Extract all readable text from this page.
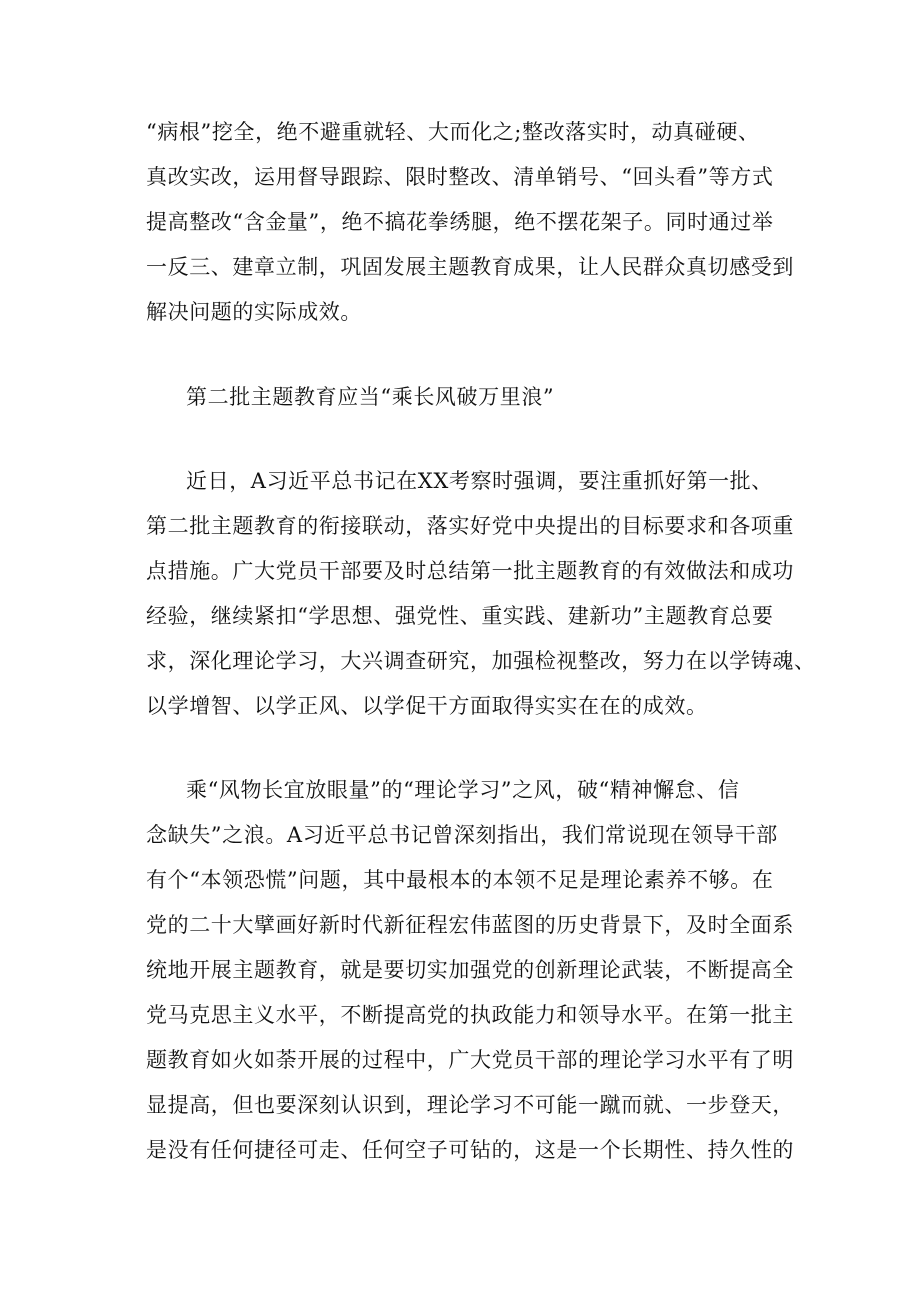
“病根”挖全，绝不避重就轻、大而化之;整改落实时，动真碰硬、
真改实改，运用督导跟踪、限时整改、清单销号、“回头看”等方式
提高整改“含金量”，绝不搞花拳绣腿，绝不摆花架子。同时通过举
一反三、建章立制，巩固发展主题教育成果，让人民群众真切感受到
解决问题的实际成效。
第二批主题教育应当“乘长风破万里浪”
近日，A习近平总书记在XX考察时强调，要注重抓好第一批、
第二批主题教育的衔接联动，落实好党中央提出的目标要求和各项重
点措施。广大党员干部要及时总结第一批主题教育的有效做法和成功
经验，继续紧扣“学思想、强党性、重实践、建新功”主题教育总要
求，深化理论学习，大兴调查研究，加强检视整改，努力在以学铸魂、
以学增智、以学正风、以学促干方面取得实实在在的成效。
乘“风物长宜放眼量”的“理论学习”之风，破“精神懈怠、信
念缺失”之浪。A习近平总书记曾深刻指出，我们常说现在领导干部
有个“本领恐慌”问题，其中最根本的本领不足是理论素养不够。在
党的二十大擘画好新时代新征程宏伟蓝图的历史背景下，及时全面系
统地开展主题教育，就是要切实加强党的创新理论武装，不断提高全
党马克思主义水平，不断提高党的执政能力和领导水平。在第一批主
题教育如火如荼开展的过程中，广大党员干部的理论学习水平有了明
显提高，但也要深刻认识到，理论学习不可能一蹴而就、一步登天，
是没有任何捷径可走、任何空子可钻的，这是一个长期性、持久性的
